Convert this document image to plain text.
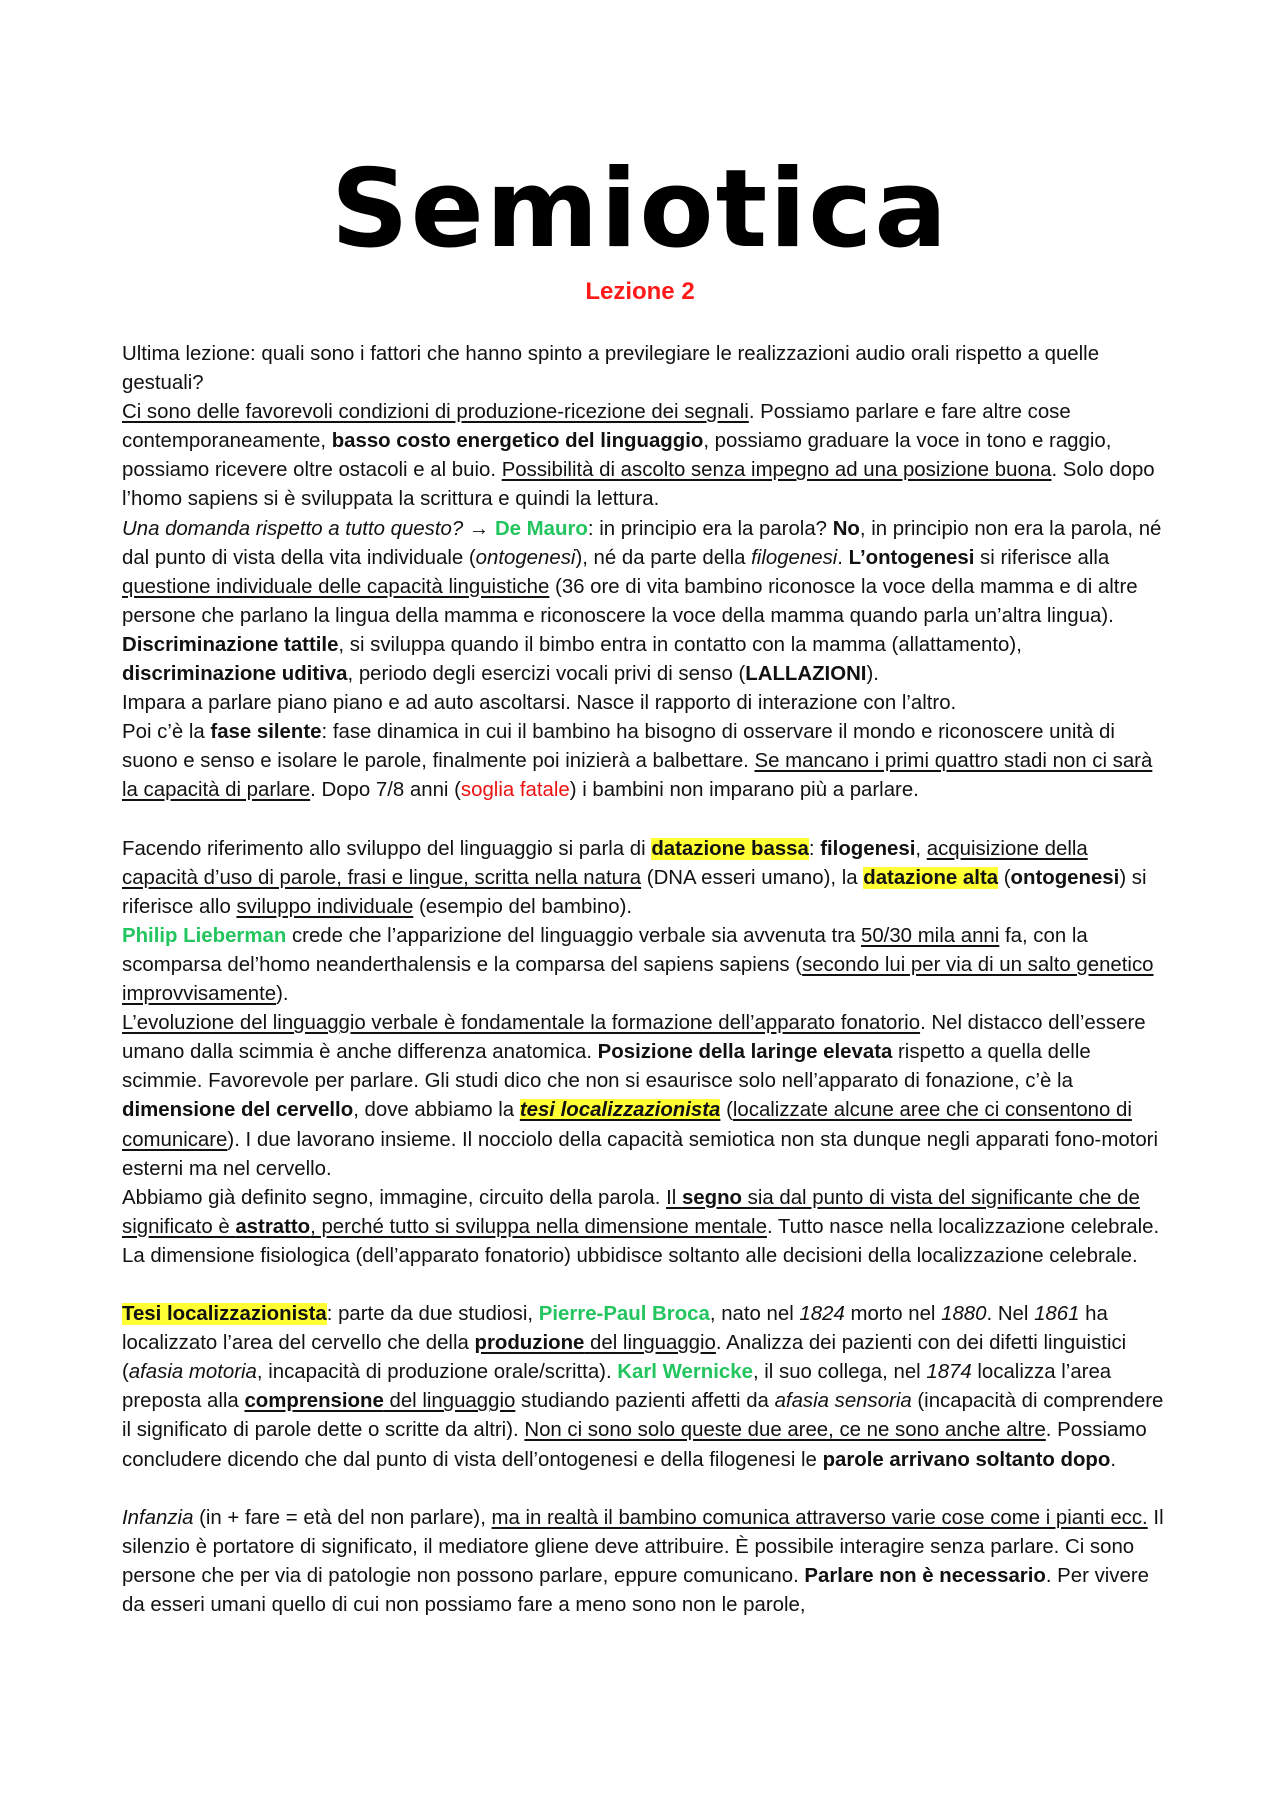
Semiotica
Lezione 2

Ultima lezione: quali sono i fattori che hanno spinto a previlegiare le realizzazioni audio orali rispetto a quelle gestuali?

Ci sono delle favorevoli condizioni di produzione-ricezione dei segnali. Possiamo parlare e fare altre cose contemporaneamente, basso costo energetico del linguaggio, possiamo graduare la voce in tono e raggio, possiamo ricevere oltre ostacoli e al buio. Possibilità di ascolto senza impegno ad una posizione buona. Solo dopo l’homo sapiens si è sviluppata la scrittura e quindi la lettura.

Una domanda rispetto a tutto questo? → De Mauro: in principio era la parola? No, in principio non era la parola, né dal punto di vista della vita individuale (ontogenesi), né da parte della filogenesi. L’ontogenesi si riferisce alla questione individuale delle capacità linguistiche (36 ore di vita bambino riconosce la voce della mamma e di altre persone che parlano la lingua della mamma e riconoscere la voce della mamma quando parla un’altra lingua). Discriminazione tattile, si sviluppa quando il bimbo entra in contatto con la mamma (allattamento), discriminazione uditiva, periodo degli esercizi vocali privi di senso (LALLAZIONI).

Impara a parlare piano piano e ad auto ascoltarsi. Nasce il rapporto di interazione con l’altro.

Poi c’è la fase silente: fase dinamica in cui il bambino ha bisogno di osservare il mondo e riconoscere unità di suono e senso e isolare le parole, finalmente poi inizierà a balbettare. Se mancano i primi quattro stadi non ci sarà la capacità di parlare. Dopo 7/8 anni (soglia fatale) i bambini non imparano più a parlare.

Facendo riferimento allo sviluppo del linguaggio si parla di datazione bassa: filogenesi, acquisizione della capacità d’uso di parole, frasi e lingue, scritta nella natura (DNA esseri umano), la datazione alta (ontogenesi) si riferisce allo sviluppo individuale (esempio del bambino).

Philip Lieberman crede che l’apparizione del linguaggio verbale sia avvenuta tra 50/30 mila anni fa, con la scomparsa del’homo neanderthalensis e la comparsa del sapiens sapiens (secondo lui per via di un salto genetico improvvisamente).

L’evoluzione del linguaggio verbale è fondamentale la formazione dell’apparato fonatorio. Nel distacco dell’essere umano dalla scimmia è anche differenza anatomica. Posizione della laringe elevata rispetto a quella delle scimmie. Favorevole per parlare. Gli studi dico che non si esaurisce solo nell’apparato di fonazione, c’è la dimensione del cervello, dove abbiamo la tesi localizzazionista (localizzate alcune aree che ci consentono di comunicare). I due lavorano insieme. Il nocciolo della capacità semiotica non sta dunque negli apparati fono-motori esterni ma nel cervello.

Abbiamo già definito segno, immagine, circuito della parola. Il segno sia dal punto di vista del significante che de significato è astratto, perché tutto si sviluppa nella dimensione mentale. Tutto nasce nella localizzazione celebrale. La dimensione fisiologica (dell’apparato fonatorio) ubbidisce soltanto alle decisioni della localizzazione celebrale.

Tesi localizzazionista: parte da due studiosi, Pierre-Paul Broca, nato nel 1824 morto nel 1880. Nel 1861 ha localizzato l’area del cervello che della produzione del linguaggio. Analizza dei pazienti con dei difetti linguistici (afasia motoria, incapacità di produzione orale/scritta). Karl Wernicke, il suo collega, nel 1874 localizza l’area preposta alla comprensione del linguaggio studiando pazienti affetti da afasia sensoria (incapacità di comprendere il significato di parole dette o scritte da altri). Non ci sono solo queste due aree, ce ne sono anche altre. Possiamo concludere dicendo che dal punto di vista dell’ontogenesi e della filogenesi le parole arrivano soltanto dopo.

Infanzia (in + fare = età del non parlare), ma in realtà il bambino comunica attraverso varie cose come i pianti ecc. Il silenzio è portatore di significato, il mediatore gliene deve attribuire. È possibile interagire senza parlare. Ci sono persone che per via di patologie non possono parlare, eppure comunicano. Parlare non è necessario. Per vivere da esseri umani quello di cui non possiamo fare a meno sono non le parole,
